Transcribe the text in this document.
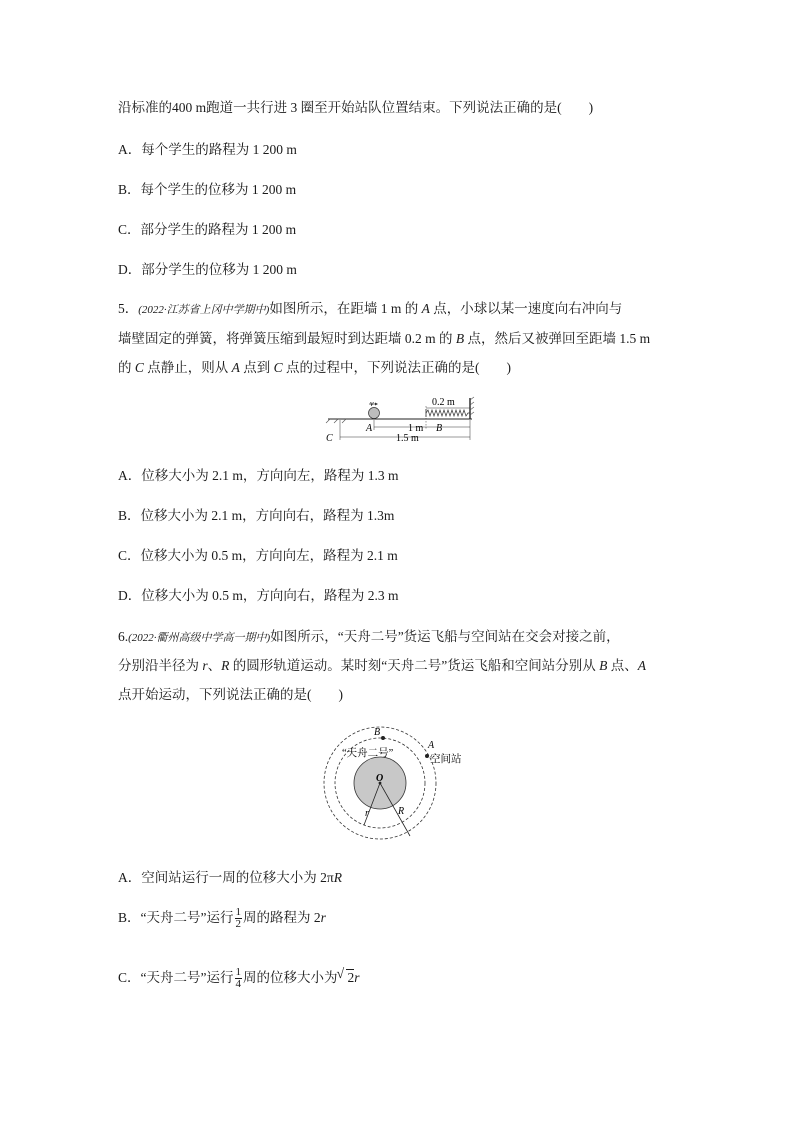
沿标准的400 m跑道一共行进 3 圈至开始站队位置结束。下列说法正确的是(　　)
A．每个学生的路程为 1 200 m
B．每个学生的位移为 1 200 m
C．部分学生的路程为 1 200 m
D．部分学生的位移为 1 200 m
5．(2022·江苏省上冈中学期中)如图所示，在距墙 1 m 的 A 点，小球以某一速度向右冲向与
墙壁固定的弹簧，将弹簧压缩到最短时到达距墙 0.2 m 的 B 点，然后又被弹回至距墙 1.5 m
的 C 点静止，则从 A 点到 C 点的过程中，下列说法正确的是(　　)
v	0.2 m
A	B
C
1 m
1.5 m
A．位移大小为 2.1 m，方向向左，路程为 1.3 m
B．位移大小为 2.1 m，方向向右，路程为 1.3m
C．位移大小为 0.5 m，方向向左，路程为 2.1 m
D．位移大小为 0.5 m，方向向右，路程为 2.3 m
6.(2022·衢州高级中学高一期中)如图所示，“天舟二号”货运飞船与空间站在交会对接之前，
分别沿半径为 r、R 的圆形轨道运动。某时刻“天舟二号”货运飞船和空间站分别从 B 点、A
点开始运动，下列说法正确的是(　　)
B
A
“天舟二号”
空间站
O
r	R
A．空间站运行一周的位移大小为 2πR
B．“天舟二号”运行 $\frac{1}{2}$ 周的路程为 2r
C．“天舟二号”运行 $\frac{1}{4}$ 周的位移大小为√ 2r
